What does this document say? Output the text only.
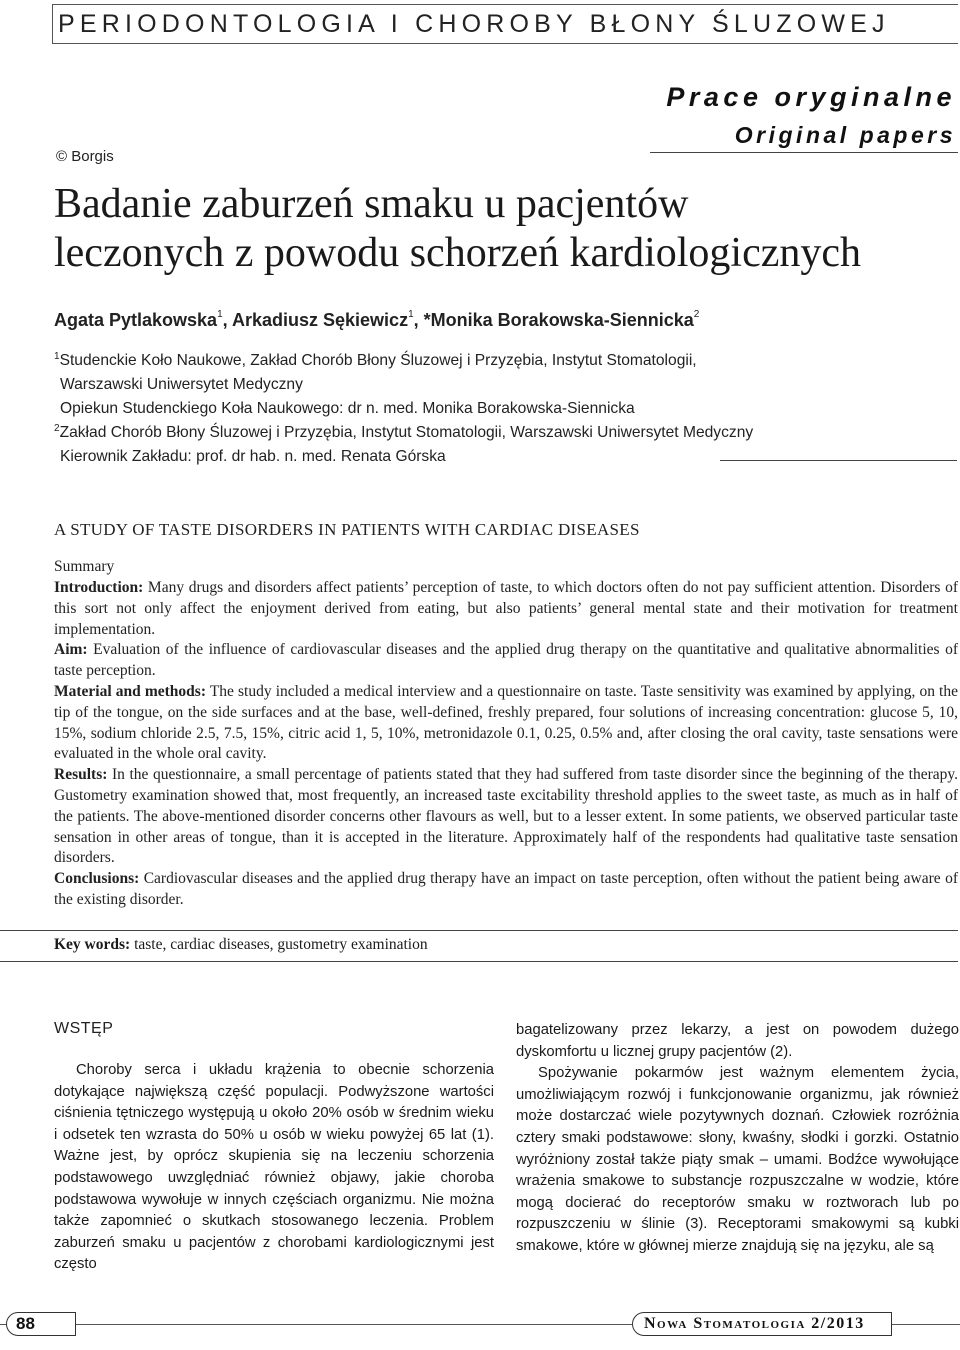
PERIODONTOLOGIA I CHOROBY BŁONY ŚLUZOWEJ
Prace oryginalne
Original papers
© Borgis
Badanie zaburzeń smaku u pacjentów
leczonych z powodu schorzeń kardiologicznych
Agata Pytlakowska$^1$, Arkadiusz Sękiewicz$^1$, *Monika Borakowska-Siennicka$^2$
$^1$Studenckie Koło Naukowe, Zakład Chorób Błony Śluzowej i Przyzębia, Instytut Stomatologii,
Warszawski Uniwersytet Medyczny
Opiekun Studenckiego Koła Naukowego: dr n. med. Monika Borakowska-Siennicka
$^2$Zakład Chorób Błony Śluzowej i Przyzębia, Instytut Stomatologii, Warszawski Uniwersytet Medyczny
Kierownik Zakładu: prof. dr hab. n. med. Renata Górska
A STUDY OF TASTE DISORDERS IN PATIENTS WITH CARDIAC DISEASES
Summary

Introduction: Many drugs and disorders affect patients’ perception of taste, to which doctors often do not pay sufficient attention. Disorders of this sort not only affect the enjoyment derived from eating, but also patients’ general mental state and their motivation for treatment implementation.

Aim: Evaluation of the influence of cardiovascular diseases and the applied drug therapy on the quantitative and qualitative abnormalities of taste perception.

Material and methods: The study included a medical interview and a questionnaire on taste. Taste sensitivity was examined by applying, on the tip of the tongue, on the side surfaces and at the base, well-defined, freshly prepared, four solutions of increasing concentration: glucose 5, 10, 15%, sodium chloride 2.5, 7.5, 15%, citric acid 1, 5, 10%, metronidazole 0.1, 0.25, 0.5% and, after closing the oral cavity, taste sensations were evaluated in the whole oral cavity.

Results: In the questionnaire, a small percentage of patients stated that they had suffered from taste disorder since the beginning of the therapy. Gustometry examination showed that, most frequently, an increased taste excitability threshold applies to the sweet taste, as much as in half of the patients. The above-mentioned disorder concerns other flavours as well, but to a lesser extent. In some patients, we observed particular taste sensation in other areas of tongue, than it is accepted in the literature. Approximately half of the respondents had qualitative taste sensation disorders.

Conclusions: Cardiovascular diseases and the applied drug therapy have an impact on taste perception, often without the patient being aware of the existing disorder.

Key words: taste, cardiac diseases, gustometry examination
WSTĘP

Choroby serca i układu krążenia to obecnie schorzenia dotykające największą część populacji. Podwyższone wartości ciśnienia tętniczego występują u około 20% osób w średnim wieku i odsetek ten wzrasta do 50% u osób w wieku powyżej 65 lat (1). Ważne jest, by oprócz skupienia się na leczeniu schorzenia podstawowego uwzględniać również objawy, jakie choroba podstawowa wywołuje w innych częściach organizmu. Nie można także zapomnieć o skutkach stosowanego leczenia. Problem zaburzeń smaku u pacjentów z chorobami kardiologicznymi jest często

bagatelizowany przez lekarzy, a jest on powodem dużego dyskomfortu u licznej grupy pacjentów (2).

Spożywanie pokarmów jest ważnym elementem życia, umożliwiającym rozwój i funkcjonowanie organizmu, jak również może dostarczać wiele pozytywnych doznań. Człowiek rozróżnia cztery smaki podstawowe: słony, kwaśny, słodki i gorzki. Ostatnio wyróżniony został także piąty smak – umami. Bodźce wywołujące wrażenia smakowe to substancje rozpuszczalne w wodzie, które mogą docierać do receptorów smaku w roztworach lub po rozpuszczeniu w ślinie (3). Receptorami smakowymi są kubki smakowe, które w głównej mierze znajdują się na języku, ale są

88	Nowa Stomatologia 2/2013
